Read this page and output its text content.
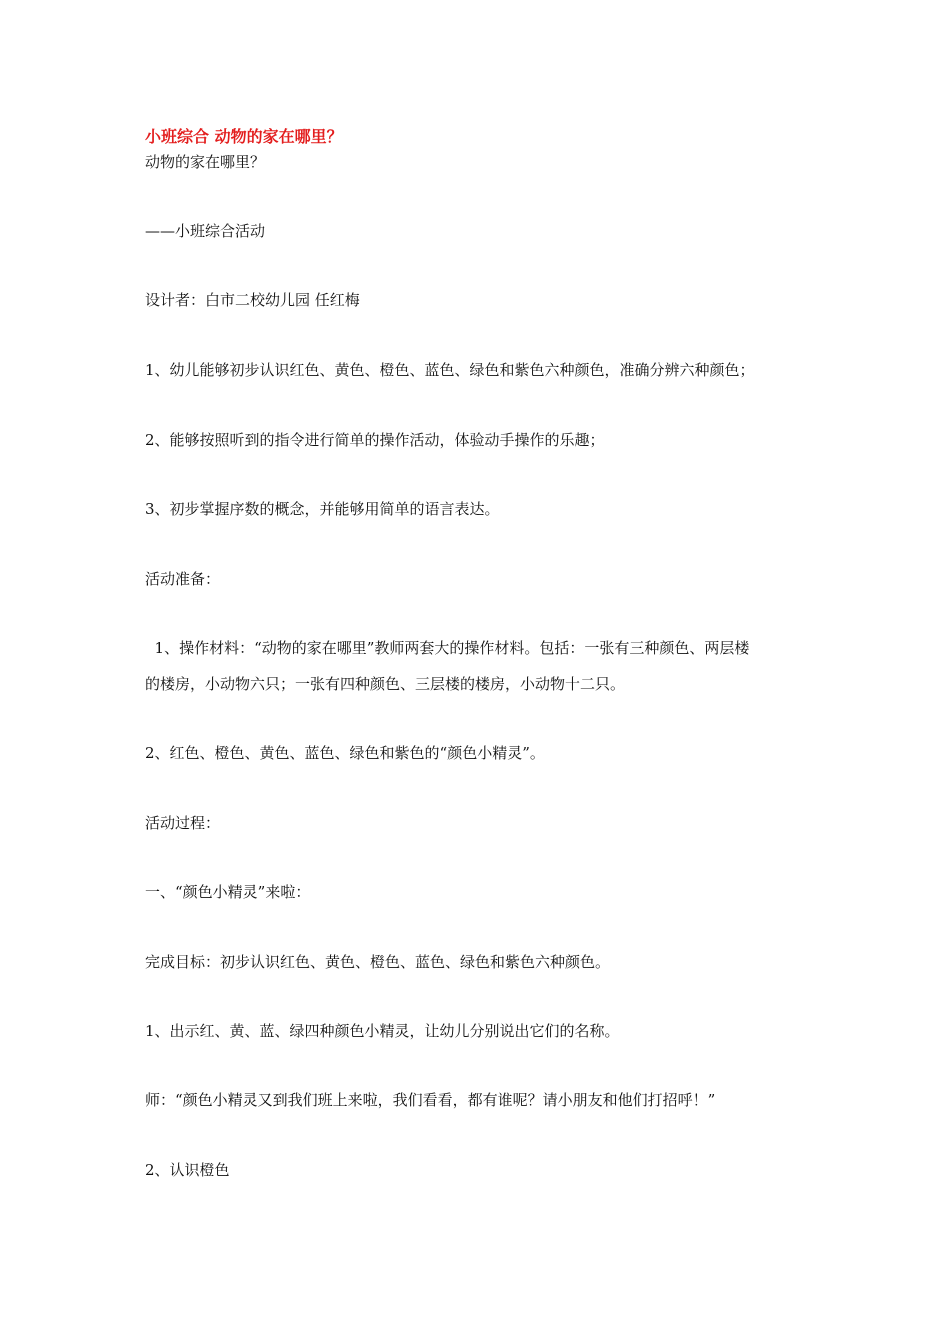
小班综合 动物的家在哪里？
动物的家在哪里？
——小班综合活动
设计者：白市二校幼儿园 任红梅
1、幼儿能够初步认识红色、黄色、橙色、蓝色、绿色和紫色六种颜色，准确分辨六种颜色；
2、能够按照听到的指令进行简单的操作活动，体验动手操作的乐趣；
3、初步掌握序数的概念，并能够用简单的语言表达。
活动准备：
1、操作材料：“动物的家在哪里”教师两套大的操作材料。包括：一张有三种颜色、两层楼
的楼房，小动物六只；一张有四种颜色、三层楼的楼房，小动物十二只。
2、红色、橙色、黄色、蓝色、绿色和紫色的“颜色小精灵”。
活动过程：
一、“颜色小精灵”来啦：
完成目标：初步认识红色、黄色、橙色、蓝色、绿色和紫色六种颜色。
1、出示红、黄、蓝、绿四种颜色小精灵，让幼儿分别说出它们的名称。
师：“颜色小精灵又到我们班上来啦，我们看看，都有谁呢？请小朋友和他们打招呼！”
2、认识橙色
